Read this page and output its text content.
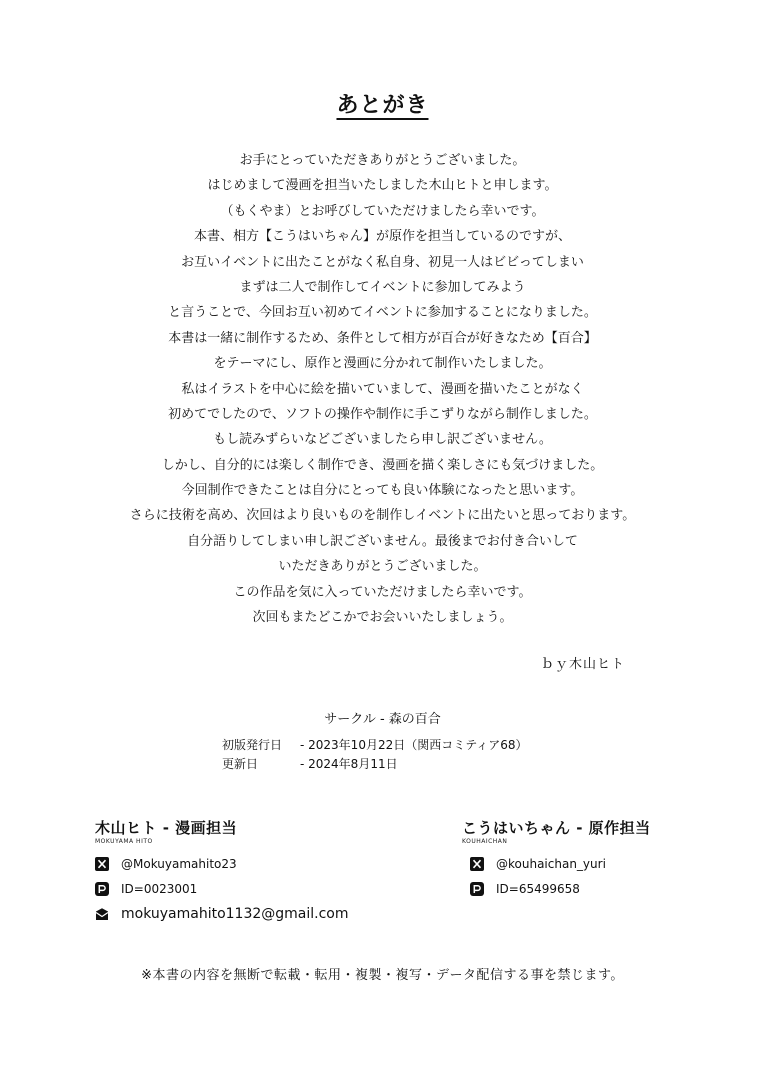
あとがき
お手にとっていただきありがとうございました。
はじめまして漫画を担当いたしました木山ヒトと申します。
（もくやま）とお呼びしていただけましたら幸いです。
本書、相方【こうはいちゃん】が原作を担当しているのですが、
お互いイベントに出たことがなく私自身、初見一人はビビってしまい
まずは二人で制作してイベントに参加してみよう
と言うことで、今回お互い初めてイベントに参加することになりました。
本書は一緒に制作するため、条件として相方が百合が好きなため【百合】
をテーマにし、原作と漫画に分かれて制作いたしました。
私はイラストを中心に絵を描いていまして、漫画を描いたことがなく
初めてでしたので、ソフトの操作や制作に手こずりながら制作しました。
もし読みずらいなどございましたら申し訳ございません。
しかし、自分的には楽しく制作でき、漫画を描く楽しさにも気づけました。
今回制作できたことは自分にとっても良い体験になったと思います。
さらに技術を高め、次回はより良いものを制作しイベントに出たいと思っております。
自分語りしてしまい申し訳ございません。最後までお付き合いして
いただきありがとうございました。
この作品を気に入っていただけましたら幸いです。
次回もまたどこかでお会いいたしましょう。
ｂｙ木山ヒト
サークル - 森の百合
初版発行日	- 2023年10月22日（関西コミティア68）
更新日	- 2024年8月11日
木山ヒト - 漫画担当
MOKUYAMA HITO
@Mokuyamahito23
ID=0023001
mokuyamahito1132@gmail.com
こうはいちゃん - 原作担当
KOUHAICHAN
@kouhaichan_yuri
ID=65499658
※本書の内容を無断で転載・転用・複製・複写・データ配信する事を禁じます。
